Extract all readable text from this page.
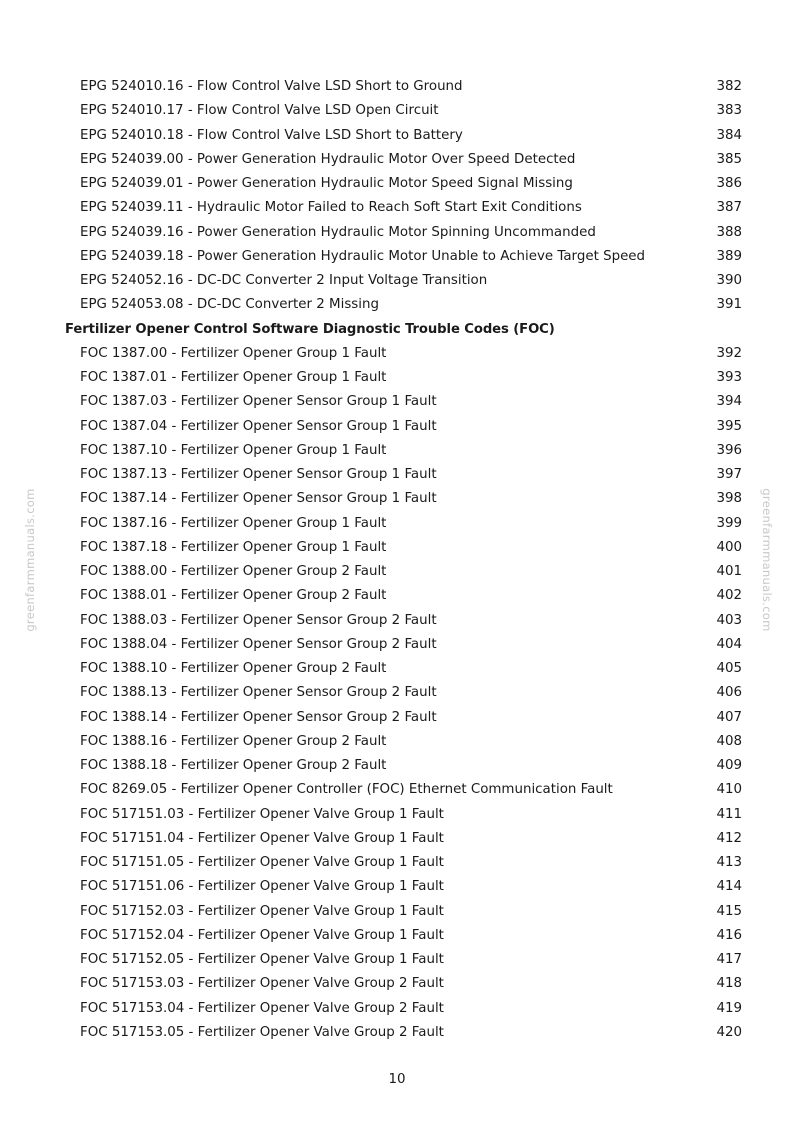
greenfarmmanuals.com	greenfarmmanuals.com
EPG 524010.16 - Flow Control Valve LSD Short to Ground	382
EPG 524010.17 - Flow Control Valve LSD Open Circuit	383
EPG 524010.18 - Flow Control Valve LSD Short to Battery	384
EPG 524039.00 - Power Generation Hydraulic Motor Over Speed Detected	385
EPG 524039.01 - Power Generation Hydraulic Motor Speed Signal Missing	386
EPG 524039.11 - Hydraulic Motor Failed to Reach Soft Start Exit Conditions	387
EPG 524039.16 - Power Generation Hydraulic Motor Spinning Uncommanded	388
EPG 524039.18 - Power Generation Hydraulic Motor Unable to Achieve Target Speed	389
EPG 524052.16 - DC-DC Converter 2 Input Voltage Transition	390
EPG 524053.08 - DC-DC Converter 2 Missing	391
Fertilizer Opener Control Software Diagnostic Trouble Codes (FOC)
FOC 1387.00 - Fertilizer Opener Group 1 Fault	392
FOC 1387.01 - Fertilizer Opener Group 1 Fault	393
FOC 1387.03 - Fertilizer Opener Sensor Group 1 Fault	394
FOC 1387.04 - Fertilizer Opener Sensor Group 1 Fault	395
FOC 1387.10 - Fertilizer Opener Group 1 Fault	396
FOC 1387.13 - Fertilizer Opener Sensor Group 1 Fault	397
FOC 1387.14 - Fertilizer Opener Sensor Group 1 Fault	398
FOC 1387.16 - Fertilizer Opener Group 1 Fault	399
FOC 1387.18 - Fertilizer Opener Group 1 Fault	400
FOC 1388.00 - Fertilizer Opener Group 2 Fault	401
FOC 1388.01 - Fertilizer Opener Group 2 Fault	402
FOC 1388.03 - Fertilizer Opener Sensor Group 2 Fault	403
FOC 1388.04 - Fertilizer Opener Sensor Group 2 Fault	404
FOC 1388.10 - Fertilizer Opener Group 2 Fault	405
FOC 1388.13 - Fertilizer Opener Sensor Group 2 Fault	406
FOC 1388.14 - Fertilizer Opener Sensor Group 2 Fault	407
FOC 1388.16 - Fertilizer Opener Group 2 Fault	408
FOC 1388.18 - Fertilizer Opener Group 2 Fault	409
FOC 8269.05 - Fertilizer Opener Controller (FOC) Ethernet Communication Fault	410
FOC 517151.03 - Fertilizer Opener Valve Group 1 Fault	411
FOC 517151.04 - Fertilizer Opener Valve Group 1 Fault	412
FOC 517151.05 - Fertilizer Opener Valve Group 1 Fault	413
FOC 517151.06 - Fertilizer Opener Valve Group 1 Fault	414
FOC 517152.03 - Fertilizer Opener Valve Group 1 Fault	415
FOC 517152.04 - Fertilizer Opener Valve Group 1 Fault	416
FOC 517152.05 - Fertilizer Opener Valve Group 1 Fault	417
FOC 517153.03 - Fertilizer Opener Valve Group 2 Fault	418
FOC 517153.04 - Fertilizer Opener Valve Group 2 Fault	419
FOC 517153.05 - Fertilizer Opener Valve Group 2 Fault	420
10
